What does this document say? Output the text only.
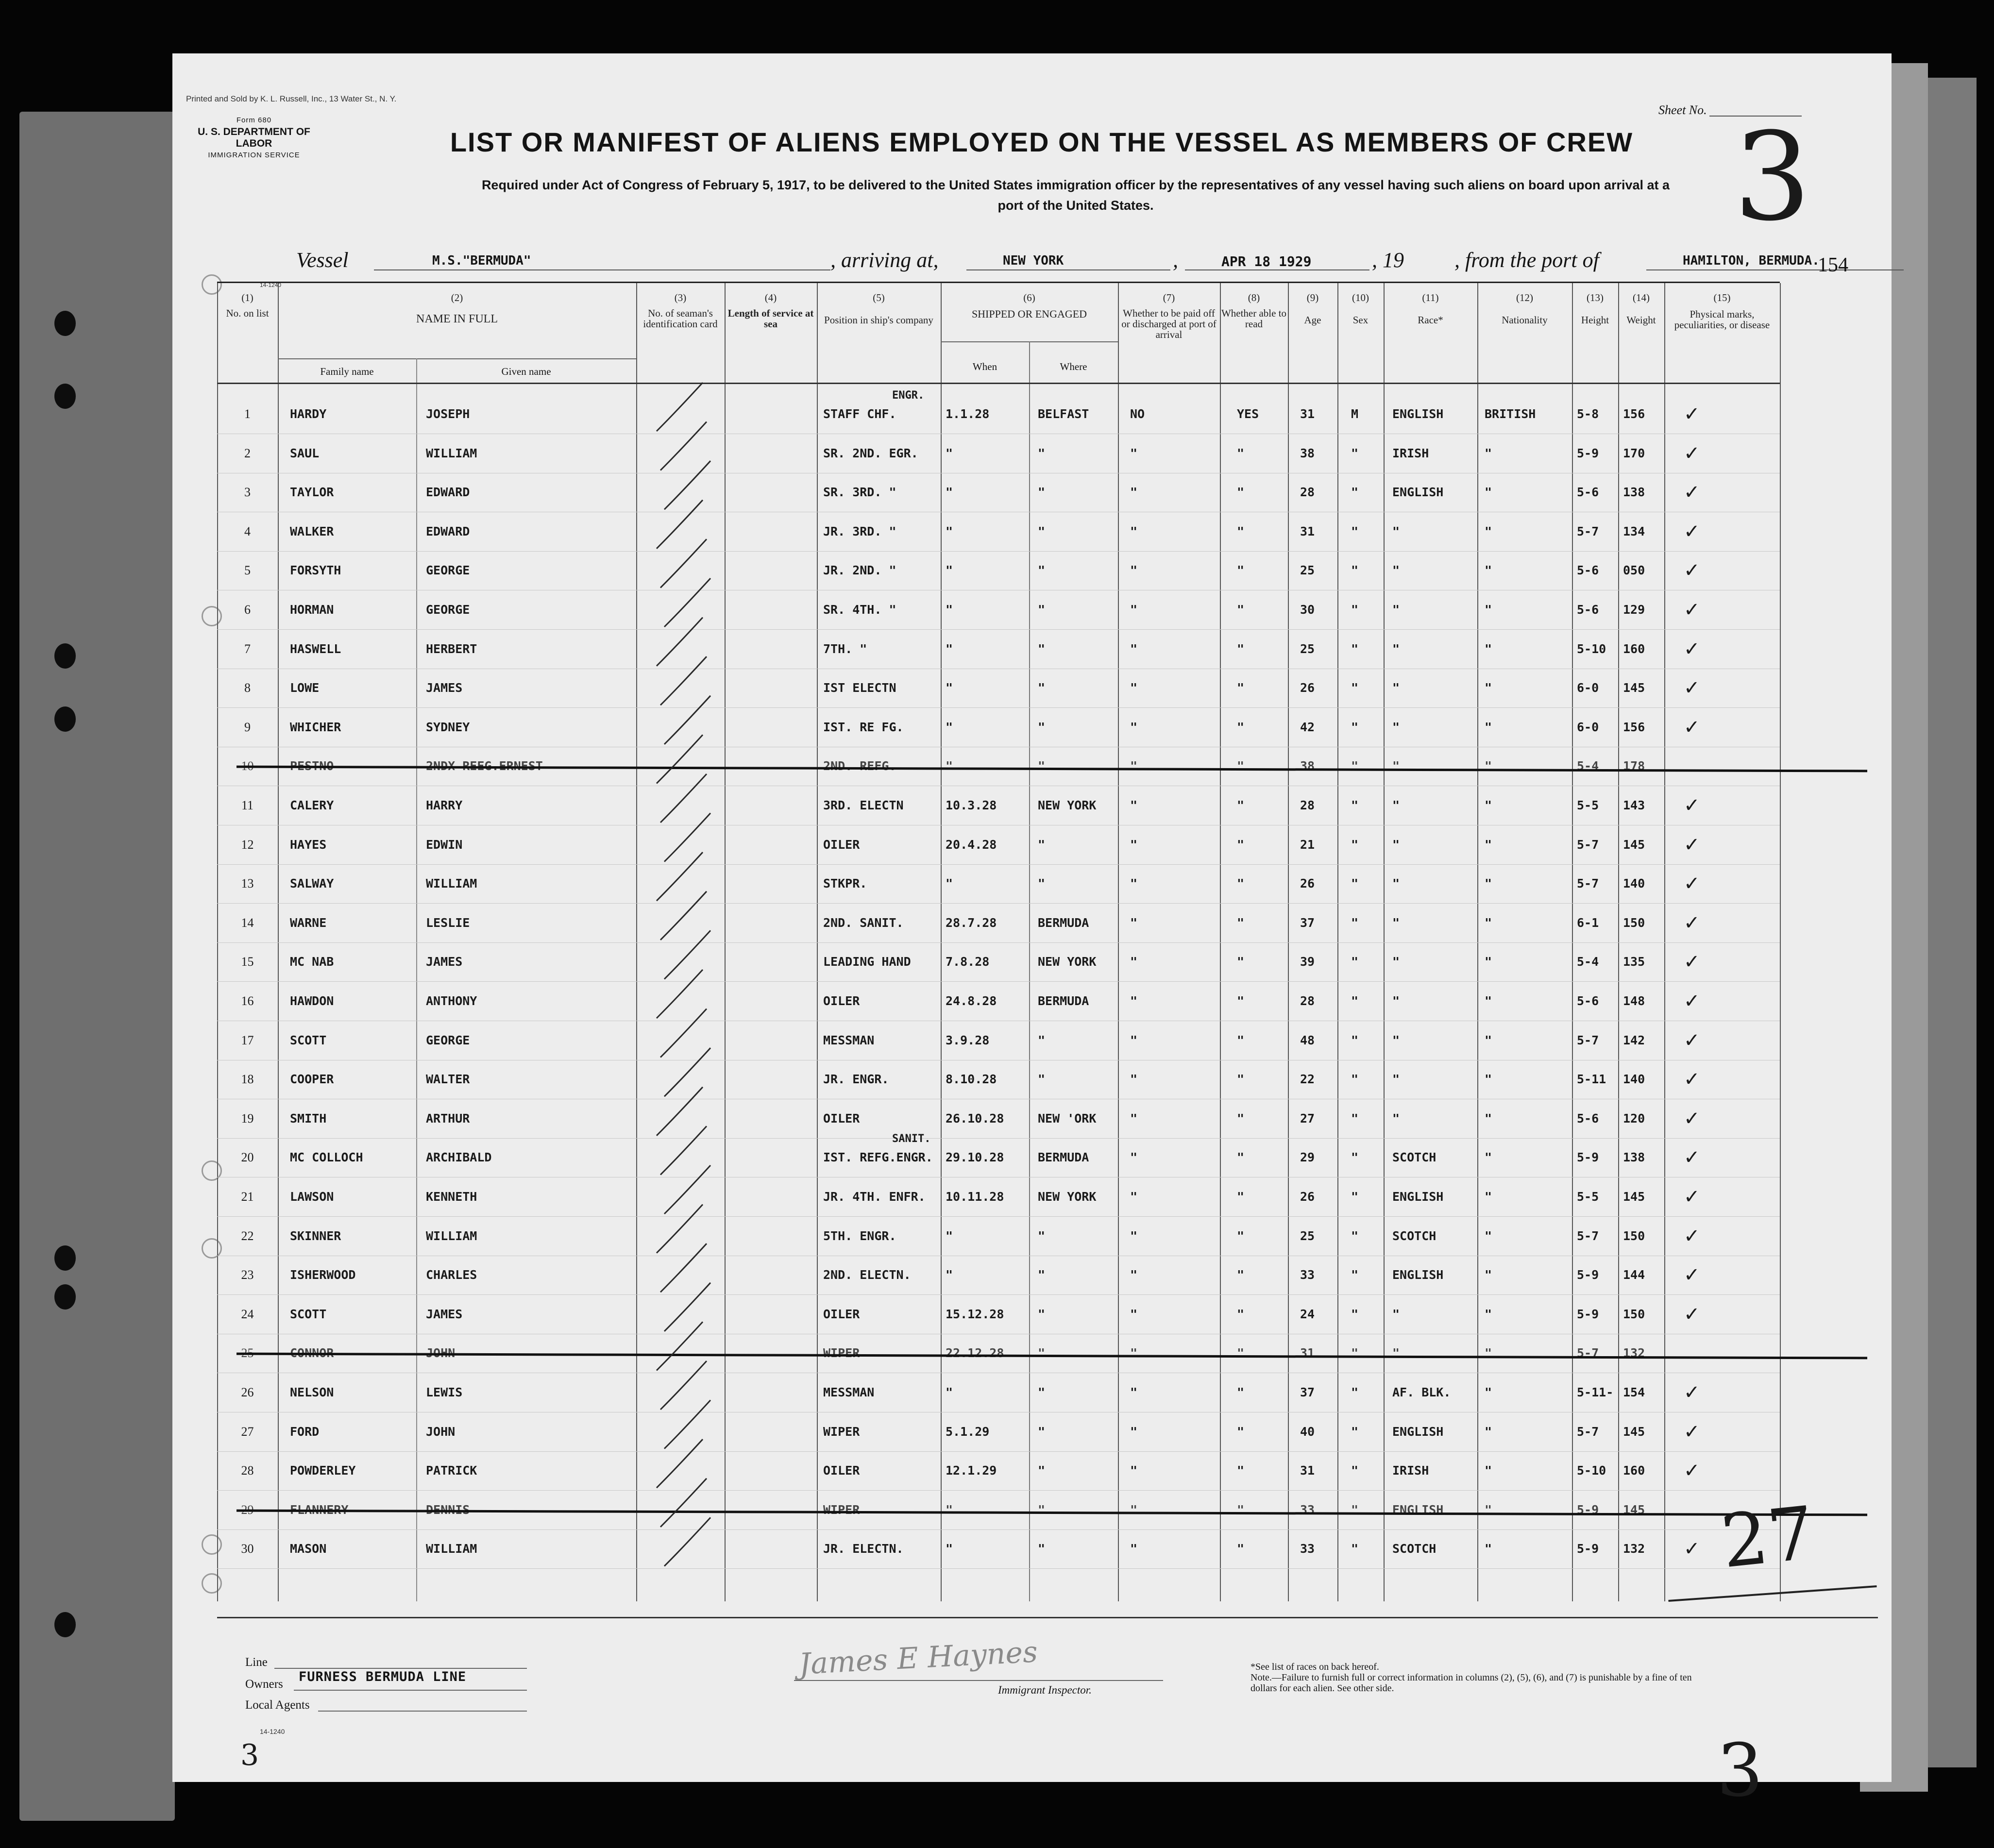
Printed and Sold by K. L. Russell, Inc., 13 Water St., N. Y.
Form 680
U. S. DEPARTMENT OF LABOR
IMMIGRATION SERVICE
Sheet No. 3
LIST OR MANIFEST OF ALIENS EMPLOYED ON THE VESSEL AS MEMBERS OF CREW
Required under Act of Congress of February 5, 1917, to be delivered to the United States immigration officer by the representatives of any vessel having such aliens on board upon arrival at a
port of the United States.
Vessel	M.S."BERMUDA"	, arriving at,	NEW YORK	,	APR 18 1929	, 19 , from the port of	HAMILTON, BERMUDA.
154
14-1240
(1)
No. on list
(2)
NAME IN FULL
Family name	Given name
(3)
No. of seaman's identification card
(4)
Length of service at sea
(5)
Position in ship's company
(6)
SHIPPED OR ENGAGED
When	Where
(7)
Whether to be paid off or discharged at port of arrival
(8)
Whether able to read
(9)
Age
(10)
Sex
(11)
Race*
(12)
Nationality
(13)
Height
(14)
Weight
(15)
Physical marks, peculiarities, or disease
1	HARDY	JOSEPH	STAFF CHF.	1.1.28	BELFAST	NO	YES	31	M	ENGLISH	BRITISH	5-8	156	✓
ENGR.
2	SAUL	WILLIAM	SR. 2ND. EGR.	"	"	"	"	38	"	IRISH	"	5-9	170	✓
3	TAYLOR	EDWARD	SR. 3RD. "	"	"	"	"	28	"	ENGLISH	"	5-6	138	✓
4	WALKER	EDWARD	JR. 3RD. "	"	"	"	"	31	"	"	"	5-7	134	✓
5	FORSYTH	GEORGE	JR. 2ND. "	"	"	"	"	25	"	"	"	5-6	050	✓
6	HORMAN	GEORGE	SR. 4TH. "	"	"	"	"	30	"	"	"	5-6	129	✓
7	HASWELL	HERBERT	7TH. "	"	"	"	"	25	"	"	"	5-10	160	✓
8	LOWE	JAMES	IST ELECTN	"	"	"	"	26	"	"	"	6-0	145	✓
9	WHICHER	SYDNEY	IST. RE FG.	"	"	"	"	42	"	"	"	6-0	156	✓
10	PESTNO	2NDX REEG.ERNEST	2ND. REFG.	"	"	"	"	38	"	"	"	5-4	178
11	CALERY	HARRY	3RD. ELECTN	10.3.28	NEW YORK	"	"	28	"	"	"	5-5	143	✓
12	HAYES	EDWIN	OILER	20.4.28	"	"	"	21	"	"	"	5-7	145	✓
13	SALWAY	WILLIAM	STKPR.	"	"	"	"	26	"	"	"	5-7	140	✓
14	WARNE	LESLIE	2ND. SANIT.	28.7.28	BERMUDA	"	"	37	"	"	"	6-1	150	✓
15	MC NAB	JAMES	LEADING HAND	7.8.28	NEW YORK	"	"	39	"	"	"	5-4	135	✓
16	HAWDON	ANTHONY	OILER	24.8.28	BERMUDA	"	"	28	"	"	"	5-6	148	✓
17	SCOTT	GEORGE	MESSMAN	3.9.28	"	"	"	48	"	"	"	5-7	142	✓
18	COOPER	WALTER	JR. ENGR.	8.10.28	"	"	"	22	"	"	"	5-11	140	✓
19	SMITH	ARTHUR	OILER	26.10.28	NEW 'ORK	"	"	27	"	"	"	5-6	120	✓
20	MC COLLOCH	ARCHIBALD	IST. REFG.ENGR.	29.10.28	BERMUDA	"	"	29	"	SCOTCH	"	5-9	138	✓
SANIT.
21	LAWSON	KENNETH	JR. 4TH. ENFR.	10.11.28	NEW YORK	"	"	26	"	ENGLISH	"	5-5	145	✓
22	SKINNER	WILLIAM	5TH. ENGR.	"	"	"	"	25	"	SCOTCH	"	5-7	150	✓
23	ISHERWOOD	CHARLES	2ND. ELECTN.	"	"	"	"	33	"	ENGLISH	"	5-9	144	✓
24	SCOTT	JAMES	OILER	15.12.28	"	"	"	24	"	"	"	5-9	150	✓
25	CONNOR	JOHN	WIPER	22.12.28	"	"	"	31	"	"	"	5-7	132
26	NELSON	LEWIS	MESSMAN	"	"	"	"	37	"	AF. BLK.	"	5-11- 154	✓
27	FORD	JOHN	WIPER	5.1.29	"	"	"	40	"	ENGLISH	"	5-7	145	✓
28	POWDERLEY	PATRICK	OILER	12.1.29	"	"	"	31	"	IRISH	"	5-10	160	✓
29	FLANNERY	DENNIS	WIPER	"	"	"	"	33	"	ENGLISH	"	5-9	145
30	MASON	WILLIAM	JR. ELECTN.	"	"	"	"	33	"	SCOTCH	"	5-9	132	✓
Line
Owners FURNESS BERMUDA LINE
Local Agents
14-1240
James E Haynes
Immigrant Inspector.
*See list of races on back hereof.
Note.—Failure to furnish full or correct information in columns (2), (5), (6), and (7) is punishable by a fine of ten dollars for each alien. See other side.
3	3
27
